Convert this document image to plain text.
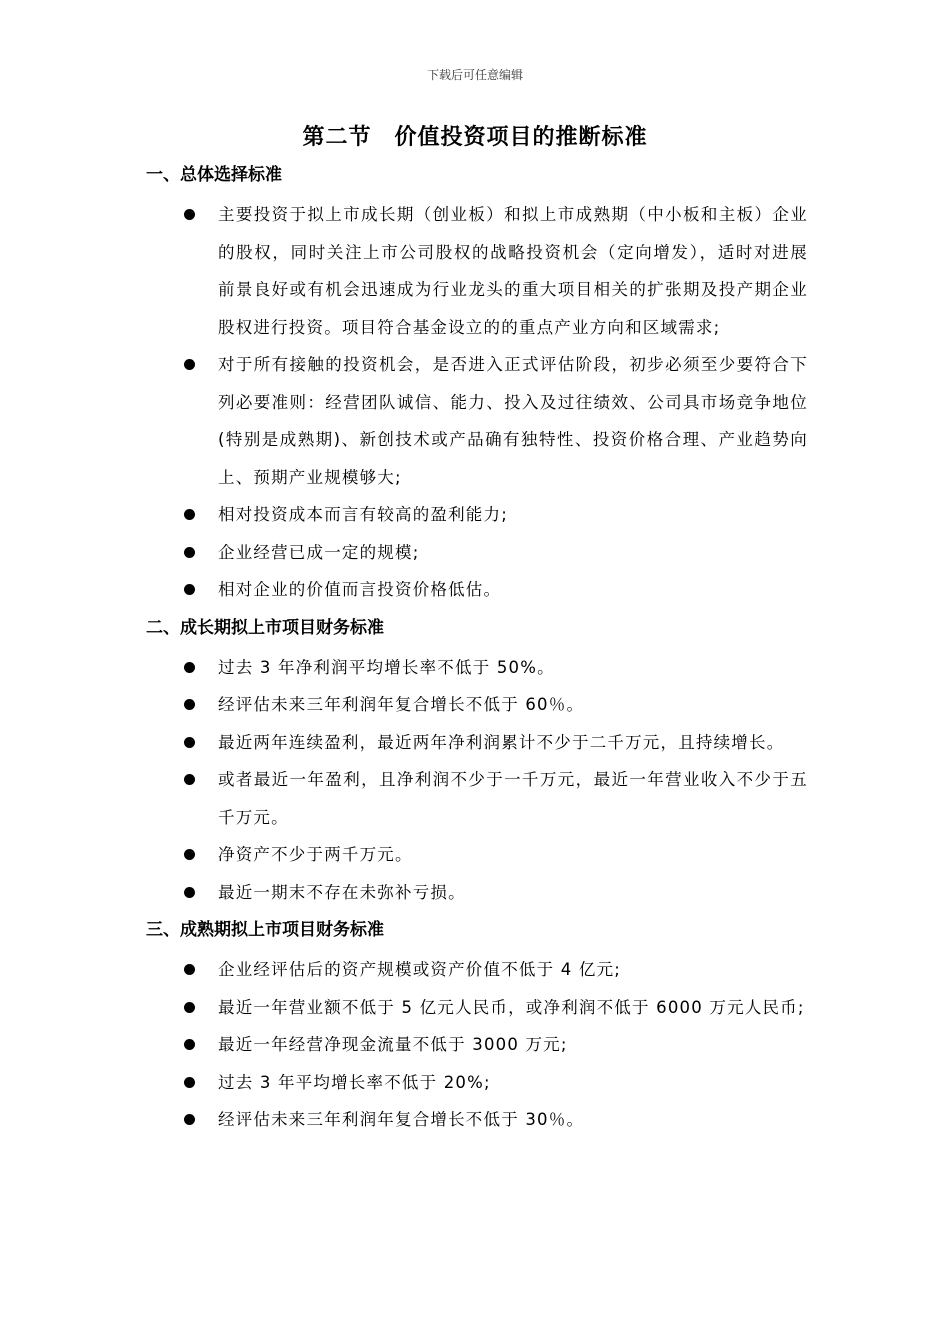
下载后可任意编辑
第二节　价值投资项目的推断标准
一、总体选择标准
主要投资于拟上市成长期（创业板）和拟上市成熟期（中小板和主板）企业的股权，同时关注上市公司股权的战略投资机会（定向增发），适时对进展前景良好或有机会迅速成为行业龙头的重大项目相关的扩张期及投产期企业股权进行投资。项目符合基金设立的的重点产业方向和区域需求;
对于所有接触的投资机会，是否进入正式评估阶段，初步必须至少要符合下列必要准则：经营团队诚信、能力、投入及过往绩效、公司具市场竞争地位(特别是成熟期)、新创技术或产品确有独特性、投资价格合理、产业趋势向上、预期产业规模够大;
相对投资成本而言有较高的盈利能力;
企业经营已成一定的规模;
相对企业的价值而言投资价格低估。
二、成长期拟上市项目财务标准
过去 3 年净利润平均增长率不低于 50%。
经评估未来三年利润年复合增长不低于 60％。
最近两年连续盈利，最近两年净利润累计不少于二千万元，且持续增长。
或者最近一年盈利，且净利润不少于一千万元，最近一年营业收入不少于五千万元。
净资产不少于两千万元。
最近一期末不存在未弥补亏损。
三、成熟期拟上市项目财务标准
企业经评估后的资产规模或资产价值不低于 4 亿元;
最近一年营业额不低于 5 亿元人民币，或净利润不低于 6000 万元人民币;
最近一年经营净现金流量不低于 3000 万元;
过去 3 年平均增长率不低于 20%;
经评估未来三年利润年复合增长不低于 30％。
